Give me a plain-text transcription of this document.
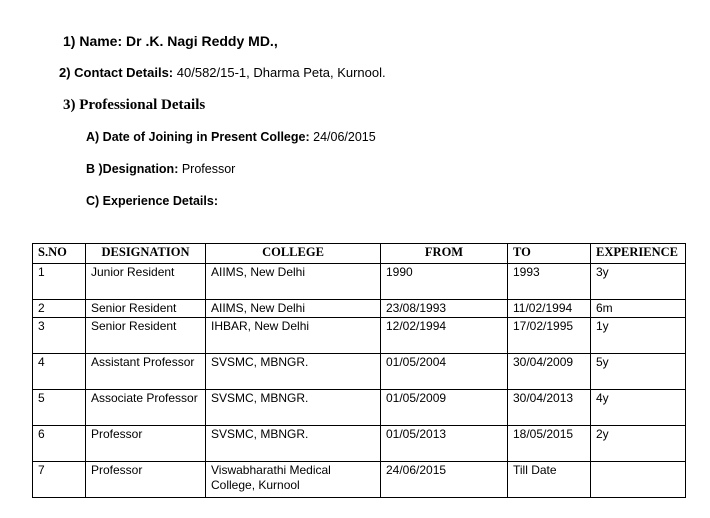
1) Name: Dr .K. Nagi Reddy MD.,
2) Contact Details: 40/582/15-1, Dharma Peta, Kurnool.
3) Professional Details
A) Date of Joining in Present College: 24/06/2015
B )Designation: Professor
C) Experience Details:
S.NO	DESIGNATION	COLLEGE	FROM	TO	EXPERIENCE
1	Junior Resident	AIIMS, New Delhi	1990	1993	3y
2	Senior Resident	AIIMS, New Delhi	23/08/1993	11/02/1994	6m
3	Senior Resident	IHBAR, New Delhi	12/02/1994	17/02/1995	1y
4	Assistant Professor	SVSMC, MBNGR.	01/05/2004	30/04/2009	5y
5	Associate Professor	SVSMC, MBNGR.	01/05/2009	30/04/2013	4y
6	Professor	SVSMC, MBNGR.	01/05/2013	18/05/2015	2y
7	Professor	Viswabharathi Medical College, Kurnool	24/06/2015	Till Date	
